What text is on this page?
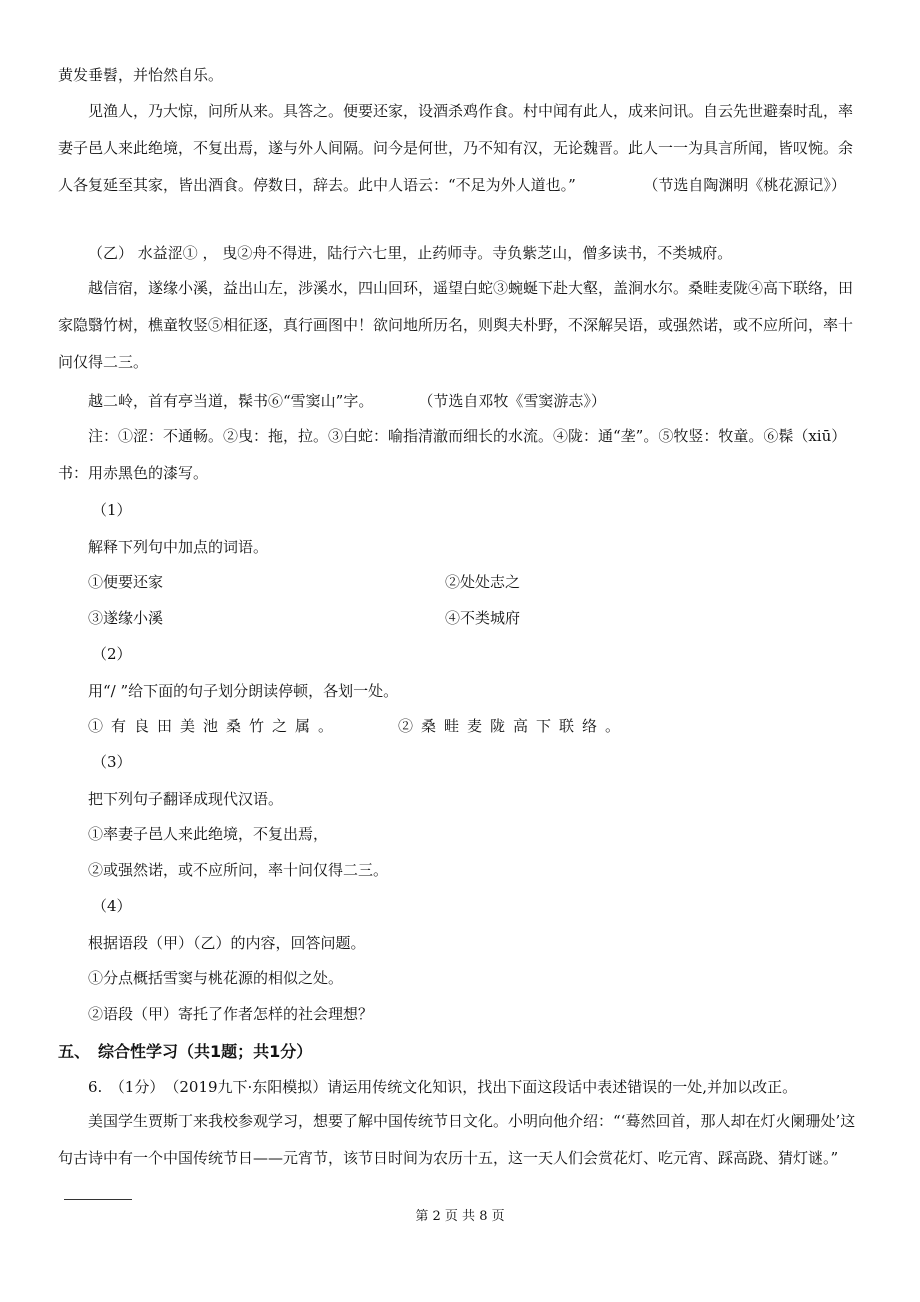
黄发垂髫，并怡然自乐。
见渔人，乃大惊，问所从来。具答之。便要还家，设酒杀鸡作食。村中闻有此人，成来问讯。自云先世避秦时乱，率妻子邑人来此绝境，不复出焉，遂与外人间隔。问今是何世，乃不知有汉，无论魏晋。此人一一为具言所闻，皆叹惋。余人各复延至其家，皆出酒食。停数日，辞去。此中人语云：“不足为外人道也。”　　　　　（节选自陶渊明《桃花源记》）
（乙） 水益涩① ， 曳②舟不得进，陆行六七里，止药师寺。寺负紫芝山，僧多读书，不类城府。
越信宿，遂缘小溪，益出山左，涉溪水，四山回环，遥望白蛇③蜿蜒下赴大壑，盖涧水尔。桑畦麦陇④高下联络，田家隐翳竹树，樵童牧竖⑤相征逐，真行画图中！欲问地所历名，则舆夫朴野，不深解吴语，或强然诺，或不应所问，率十问仅得二三。
越二岭，首有亭当道，髹书⑥“雪窦山”字。　　　　（节选自邓牧《雪窦游志》）
注：①涩：不通畅。②曳：拖，拉。③白蛇：喻指清澈而细长的水流。④陇：通“垄”。⑤牧竖：牧童。⑥髹（xiū）书：用赤黑色的漆写。
（1）
解释下列句中加点的词语。
①便要还家	②处处志之
③遂缘小溪	④不类城府
（2）
用“/ ”给下面的句子划分朗读停顿，各划一处。
①有良田美池桑竹之属。	②桑畦麦陇高下联络。
（3）
把下列句子翻译成现代汉语。
①率妻子邑人来此绝境，不复出焉，
②或强然诺，或不应所问，率十问仅得二三。
（4）
根据语段（甲）（乙）的内容，回答问题。
①分点概括雪窦与桃花源的相似之处。
②语段（甲）寄托了作者怎样的社会理想？
五、　综合性学习（共1题；共1分）
6.　（1分）　（2019九下·东阳模拟）请运用传统文化知识，找出下面这段话中表述错误的一处,并加以改正。
美国学生贾斯丁来我校参观学习，想要了解中国传统节日文化。小明向他介绍：“‘蓦然回首，那人却在灯火阑珊处’这句古诗中有一个中国传统节日——元宵节，该节日时间为农历十五，这一天人们会赏花灯、吃元宵、踩高跷、猜灯谜。”
第 2 页 共 8 页
